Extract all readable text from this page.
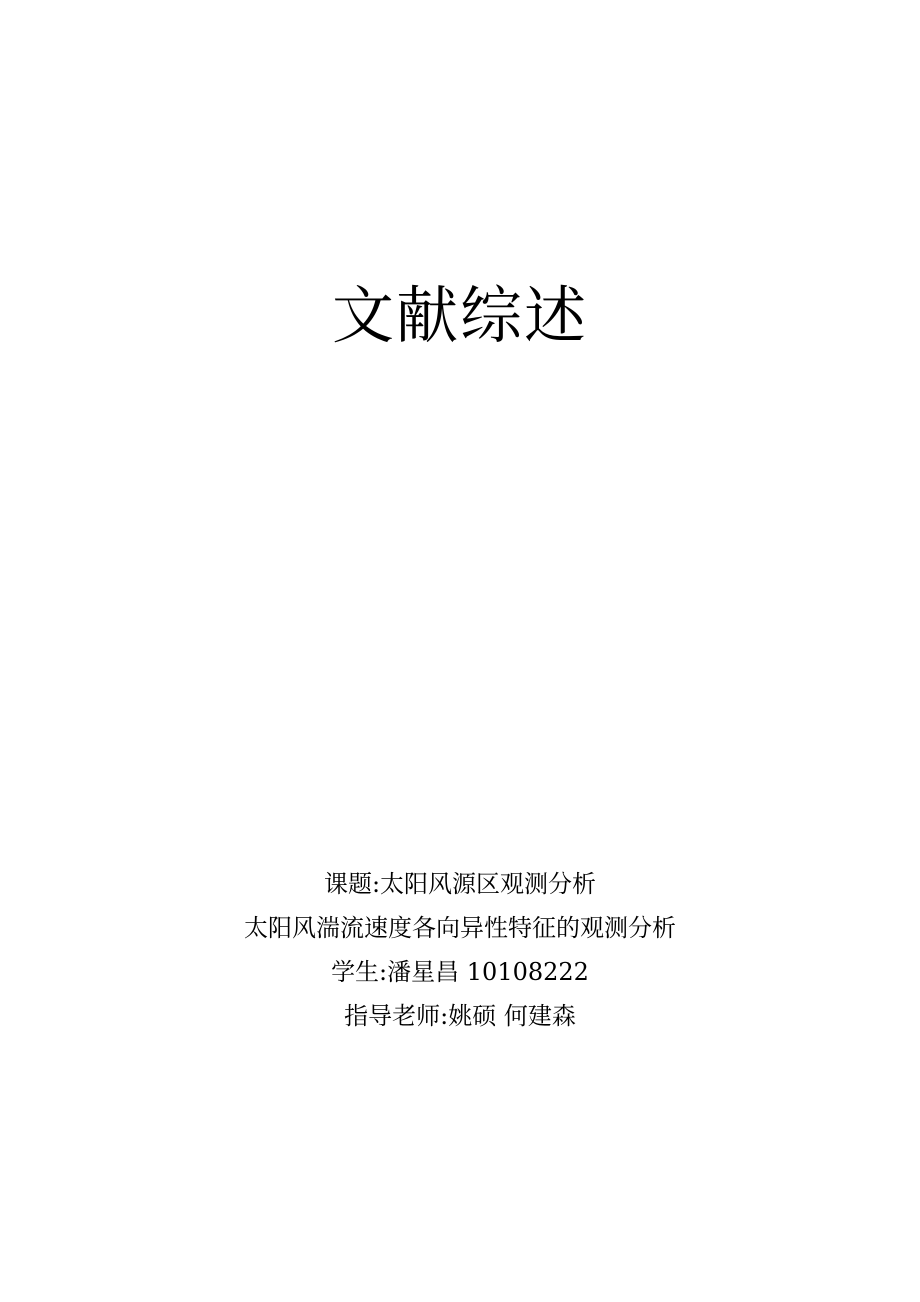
文献综述
课题:太阳风源区观测分析
太阳风湍流速度各向异性特征的观测分析
学生:潘星昌 10108222
指导老师:姚硕 何建森
